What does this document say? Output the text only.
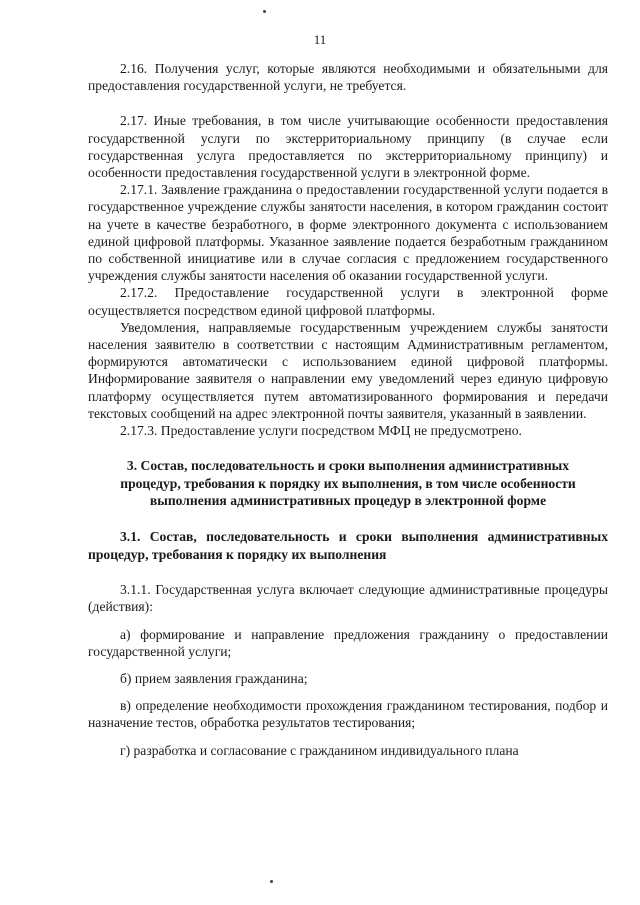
11

2.16. Получения услуг, которые являются необходимыми и обязательными для предоставления государственной услуги, не требуется.

2.17. Иные требования, в том числе учитывающие особенности предоставления государственной услуги по экстерриториальному принципу (в случае если государственная услуга предоставляется по экстерриториальному принципу) и особенности предоставления государственной услуги в электронной форме.

2.17.1. Заявление гражданина о предоставлении государственной услуги подается в государственное учреждение службы занятости населения, в котором гражданин состоит на учете в качестве безработного, в форме электронного документа с использованием единой цифровой платформы. Указанное заявление подается безработным гражданином по собственной инициативе или в случае согласия с предложением государственного учреждения службы занятости населения об оказании государственной услуги.

2.17.2. Предоставление государственной услуги в электронной форме осуществляется посредством единой цифровой платформы.

Уведомления, направляемые государственным учреждением службы занятости населения заявителю в соответствии с настоящим Административным регламентом, формируются автоматически с использованием единой цифровой платформы. Информирование заявителя о направлении ему уведомлений через единую цифровую платформу осуществляется путем автоматизированного формирования и передачи текстовых сообщений на адрес электронной почты заявителя, указанный в заявлении.

2.17.3. Предоставление услуги посредством МФЦ не предусмотрено.

3. Состав, последовательность и сроки выполнения административных процедур, требования к порядку их выполнения, в том числе особенности выполнения административных процедур в электронной форме

3.1. Состав, последовательность и сроки выполнения административных процедур, требования к порядку их выполнения

3.1.1. Государственная услуга включает следующие административные процедуры (действия):

а) формирование и направление предложения гражданину о предоставлении государственной услуги;

б) прием заявления гражданина;

в) определение необходимости прохождения гражданином тестирования, подбор и назначение тестов, обработка результатов тестирования;

г) разработка и согласование с гражданином индивидуального плана
